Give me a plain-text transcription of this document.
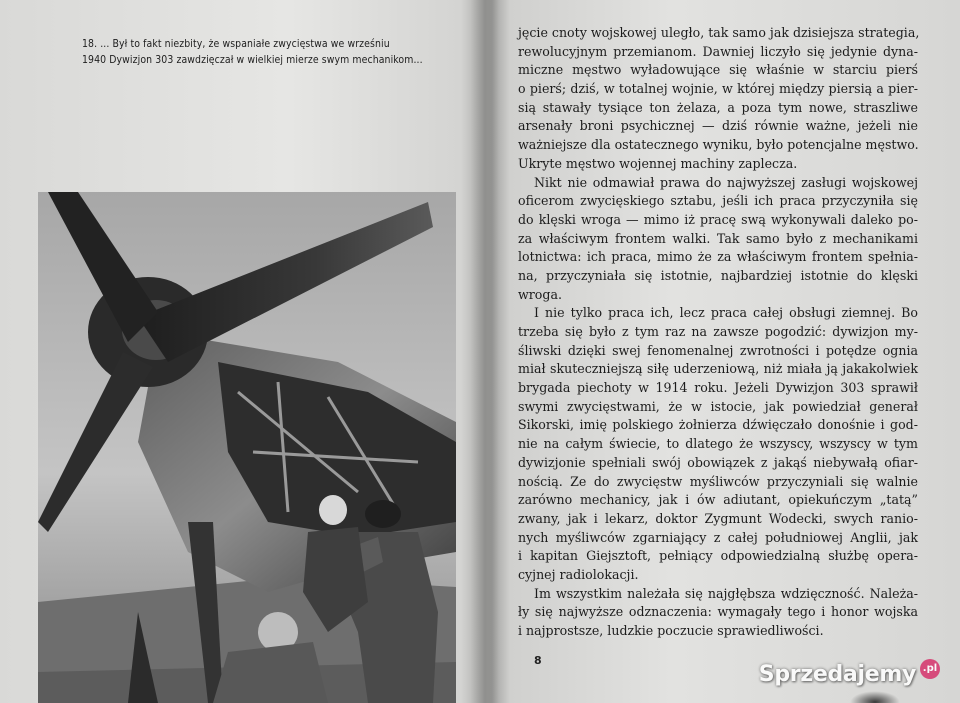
18. ... Był to fakt niezbity, że wspaniałe zwycięstwa we wrześniu
1940 Dywizjon 303 zawdzięczał w wielkiej mierze swym mechanikom...
jęcie cnoty wojskowej uległo, tak samo jak dzisiejsza strategia,
rewolucyjnym przemianom. Dawniej liczyło się jedynie dyna-
miczne męstwo wyładowujące się właśnie w starciu pierś
o pierś; dziś, w totalnej wojnie, w której między piersią a pier-
sią stawały tysiące ton żelaza, a poza tym nowe, straszliwe
arsenały broni psychicznej — dziś równie ważne, jeżeli nie
ważniejsze dla ostatecznego wyniku, było potencjalne męstwo.
Ukryte męstwo wojennej machiny zaplecza.
Nikt nie odmawiał prawa do najwyższej zasługi wojskowej
oficerom zwycięskiego sztabu, jeśli ich praca przyczyniła się
do klęski wroga — mimo iż pracę swą wykonywali daleko po-
za właściwym frontem walki. Tak samo było z mechanikami
lotnictwa: ich praca, mimo że za właściwym frontem spełnia-
na, przyczyniała się istotnie, najbardziej istotnie do klęski
wroga.
I nie tylko praca ich, lecz praca całej obsługi ziemnej. Bo
trzeba się było z tym raz na zawsze pogodzić: dywizjon my-
śliwski dzięki swej fenomenalnej zwrotności i potędze ognia
miał skuteczniejszą siłę uderzeniową, niż miała ją jakakolwiek
brygada piechoty w 1914 roku. Jeżeli Dywizjon 303 sprawił
swymi zwycięstwami, że w istocie, jak powiedział generał
Sikorski, imię polskiego żołnierza dźwięczało donośnie i god-
nie na całym świecie, to dlatego że wszyscy, wszyscy w tym
dywizjonie spełniali swój obowiązek z jakąś niebywałą ofiar-
nością. Ze do zwycięstw myśliwców przyczyniali się walnie
zarówno mechanicy, jak i ów adiutant, opiekuńczym „tatą”
zwany, jak i lekarz, doktor Zygmunt Wodecki, swych ranio-
nych myśliwców zgarniający z całej południowej Anglii, jak
i kapitan Giejsztoft, pełniący odpowiedzialną służbę opera-
cyjnej radiolokacji.
Im wszystkim należała się najgłębsza wdzięczność. Należa-
ły się najwyższe odznaczenia: wymagały tego i honor wojska
i najprostsze, ludzkie poczucie sprawiedliwości.
8
Sprzedajemy .pl
